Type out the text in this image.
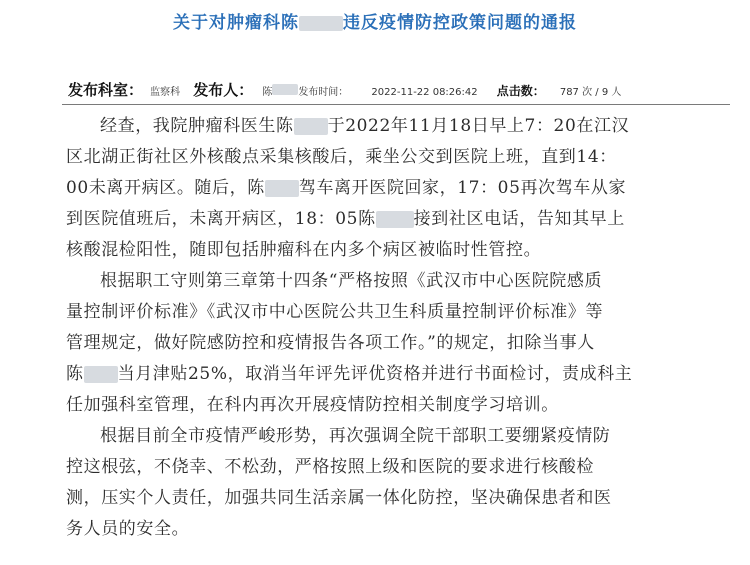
关于对肿瘤科陈	违反疫情防控政策问题的通报
发布科室： 监察科 发布人： 陈	发布时间： 2022-11-22 08:26:42 点击数： 787 次 / 9 人
经查，我院肿瘤科医生陈 于2022年11月18日早上7：20在江汉
区北湖正街社区外核酸点采集核酸后，乘坐公交到医院上班，直到14：
00未离开病区。随后，陈 驾车离开医院回家，17：05再次驾车从家
到医院值班后，未离开病区，18：05陈 接到社区电话，告知其早上
核酸混检阳性，随即包括肿瘤科在内多个病区被临时性管控。
根据职工守则第三章第十四条“严格按照《武汉市中心医院院感质
量控制评价标准》《武汉市中心医院公共卫生科质量控制评价标准》等
管理规定，做好院感防控和疫情报告各项工作。”的规定，扣除当事人
陈 当月津贴25%，取消当年评先评优资格并进行书面检讨，责成科主
任加强科室管理，在科内再次开展疫情防控相关制度学习培训。
根据目前全市疫情严峻形势，再次强调全院干部职工要绷紧疫情防
控这根弦，不侥幸、不松劲，严格按照上级和医院的要求进行核酸检
测，压实个人责任，加强共同生活亲属一体化防控，坚决确保患者和医
务人员的安全。
